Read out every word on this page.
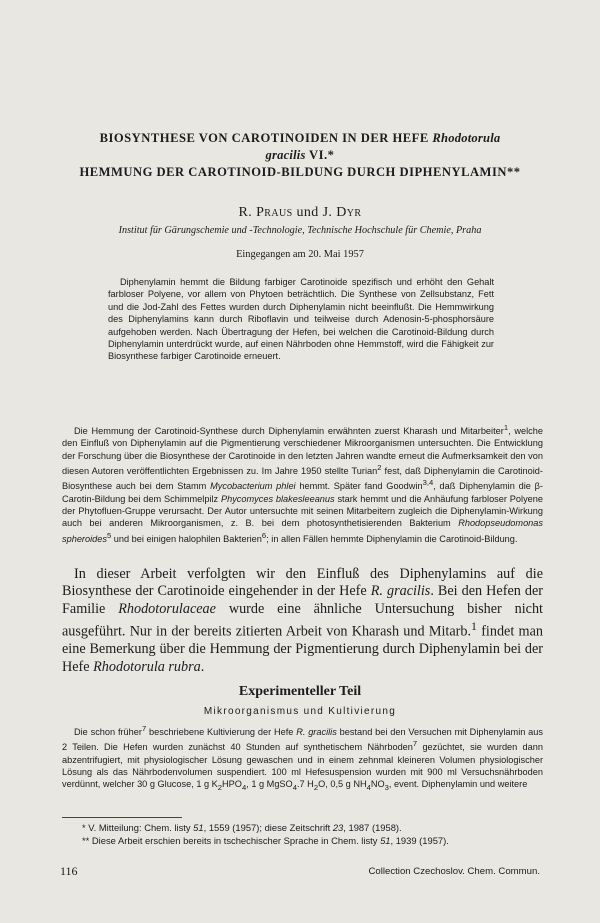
BIOSYNTHESE VON CAROTINOIDEN IN DER HEFE Rhodotorula
gracilis VI.*
HEMMUNG DER CAROTINOID-BILDUNG DURCH DIPHENYLAMIN**
R. Praus und J. Dyr
Institut für Gärungschemie und -Technologie, Technische Hochschule für Chemie, Praha
Eingegangen am 20. Mai 1957

Diphenylamin hemmt die Bildung farbiger Carotinoide spezifisch und erhöht den Gehalt farbloser Polyene, vor allem von Phytoen beträchtlich. Die Synthese von Zellsubstanz, Fett und die Jod-Zahl des Fettes wurden durch Diphenylamin nicht beeinflußt. Die Hemmwirkung des Diphenylamins kann durch Riboflavin und teilweise durch Adenosin-5-phosphorsäure aufgehoben werden. Nach Übertragung der Hefen, bei welchen die Carotinoid-Bildung durch Diphenylamin unterdrückt wurde, auf einen Nährboden ohne Hemmstoff, wird die Fähigkeit zur Biosynthese farbiger Carotinoide erneuert.

Die Hemmung der Carotinoid-Synthese durch Diphenylamin erwähnten zuerst Kharash und Mitarbeiter$^1$, welche den Einfluß von Diphenylamin auf die Pigmentierung verschiedener Mikroorganismen untersuchten. Die Entwicklung der Forschung über die Biosynthese der Carotinoide in den letzten Jahren wandte erneut die Aufmerksamkeit den von diesen Autoren veröffentlichten Ergebnissen zu. Im Jahre 1950 stellte Turian$^2$ fest, daß Diphenylamin die Carotinoid-Biosynthese auch bei dem Stamm Mycobacterium phlei hemmt. Später fand Goodwin$^{3,4}$, daß Diphenylamin die β-Carotin-Bildung bei dem Schimmelpilz Phycomyces blakesleeanus stark hemmt und die Anhäufung farbloser Polyene der Phytofluen-Gruppe verursacht. Der Autor untersuchte mit seinen Mitarbeitern zugleich die Diphenylamin-Wirkung auch bei anderen Mikroorganismen, z. B. bei dem photosynthetisierenden Bakterium Rhodopseudomonas spheroides$^5$ und bei einigen halophilen Bakterien$^6$; in allen Fällen hemmte Diphenylamin die Carotinoid-Bildung.

In dieser Arbeit verfolgten wir den Einfluß des Diphenylamins auf die Biosynthese der Carotinoide eingehender in der Hefe R. gracilis. Bei den Hefen der Familie Rhodotorulaceae wurde eine ähnliche Untersuchung bisher nicht ausgeführt. Nur in der bereits zitierten Arbeit von Kharash und Mitarb.$^1$ findet man eine Bemerkung über die Hemmung der Pigmentierung durch Diphenylamin bei der Hefe Rhodotorula rubra.

Experimenteller Teil
Mikroorganismus und Kultivierung

Die schon früher$^7$ beschriebene Kultivierung der Hefe R. gracilis bestand bei den Versuchen mit Diphenylamin aus 2 Teilen. Die Hefen wurden zunächst 40 Stunden auf synthetischem Nährboden$^7$ gezüchtet, sie wurden dann abzentrifugiert, mit physiologischer Lösung gewaschen und in einem zehnmal kleineren Volumen physiologischer Lösung als das Nährbodenvolumen suspendiert. 100 ml Hefesuspension wurden mit 900 ml Versuchsnährboden verdünnt, welcher 30 g Glucose, 1 g $K_2HPO_4$, 1 g MgSO$_4$.7 $H_2O$, 0,5 g $NH_4NO_3$, event. Diphenylamin und weitere

* V. Mitteilung: Chem. listy 51, 1559 (1957); diese Zeitschrift 23, 1987 (1958).

** Diese Arbeit erschien bereits in tschechischer Sprache in Chem. listy 51, 1939 (1957).

116	Collection Czechoslov. Chem. Commun.
